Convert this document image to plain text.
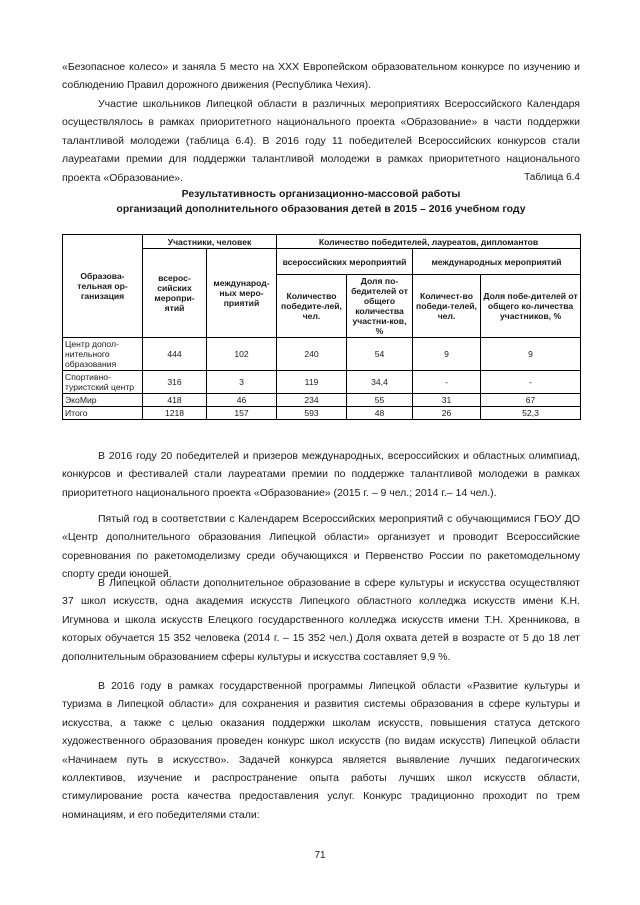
«Безопасное колесо» и заняла 5 место на XXX Европейском образовательном конкурсе по изучению и соблюдению Правил дорожного движения (Республика Чехия).

Участие школьников Липецкой области в различных мероприятиях Всероссийского Календаря осуществлялось в рамках приоритетного национального проекта «Образование» в части поддержки талантливой молодежи (таблица 6.4). В 2016 году 11 победителей Всероссийских конкурсов стали лауреатами премии для поддержки талантливой молодежи в рамках приоритетного национального проекта «Образование».	Таблица 6.4
Результативность организационно-массовой работы
организаций дополнительного образования детей в 2015 – 2016 учебном году
Образова-тельная ор-ганизация	Участники, человек		Количество победителей, лауреатов, дипломантов			
	всерос-сийских меропри-ятий	международ-ных меро-приятий	всероссийских мероприятий		международных мероприятий	
			Количество победите-лей, чел.	Доля по-бедителей от общего количества участни-ков, %	Количест-во победи-телей, чел.	Доля побе-дителей от общего ко-личества участников, %
Центр допол-нительного образования	444	102	240	54	9	9
Спортивно-туристский центр	316	3	119	34,4	-	-
ЭкоМир	418	46	234	55	31	67
Итого	1218	157	593	48	26	52,3

В 2016 году 20 победителей и призеров международных, всероссийских и областных олимпиад, конкурсов и фестивалей стали лауреатами премии по поддержке талантливой молодежи в рамках приоритетного национального проекта «Образование» (2015 г. – 9 чел.; 2014 г.– 14 чел.).

Пятый год в соответствии с Календарем Всероссийских мероприятий с обучающимися ГБОУ ДО «Центр дополнительного образования Липецкой области» организует и проводит Всероссийские соревнования по ракетомоделизму среди обучающихся и Первенство России по ракетомодельному спорту среди юношей.

В Липецкой области дополнительное образование в сфере культуры и искусства осуществляют 37 школ искусств, одна академия искусств Липецкого областного колледжа искусств имени К.Н. Игумнова и школа искусств Елецкого государственного колледжа искусств имени Т.Н. Хренникова, в которых обучается 15 352 человека (2014 г. – 15 352 чел.) Доля охвата детей в возрасте от 5 до 18 лет дополнительным образованием сферы культуры и искусства составляет 9,9 %.

В 2016 году в рамках государственной программы Липецкой области «Развитие культуры и туризма в Липецкой области» для сохранения и развития системы образования в сфере культуры и искусства, а также с целью оказания поддержки школам искусств, повышения статуса детского художественного образования проведен конкурс школ искусств (по видам искусств) Липецкой области «Начинаем путь в искусство». Задачей конкурса является выявление лучших педагогических коллективов, изучение и распространение опыта работы лучших школ искусств области, стимулирование роста качества предоставления услуг. Конкурс традиционно проходит по трем номинациям, и его победителями стали:

71
